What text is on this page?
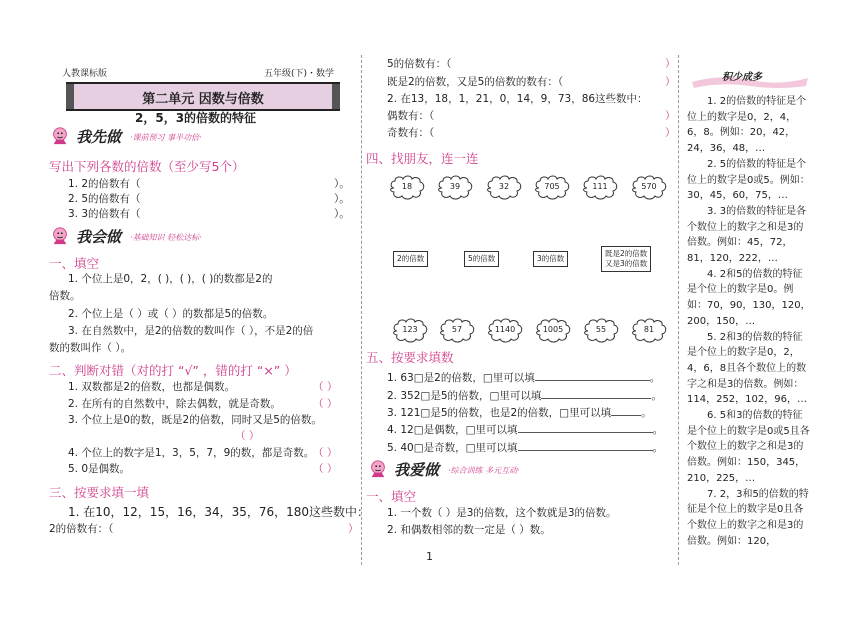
人教课标版	五年级(下)・数学
第二单元 因数与倍数
2，5，3的倍数的特征
我先做 ·课前预习 事半功倍·
写出下列各数的倍数（至少写5个）
1. 2的倍数有（	）。
2. 5的倍数有（	）。
3. 3的倍数有（	）。
我会做 ·基础知识 轻松达标·
一、填空
1. 个位上是0，2，( )，( )，( )的数都是2的
倍数。
2. 个位上是（ ）或（ ）的数都是5的倍数。
3. 在自然数中，是2的倍数的数叫作（ ），不是2的倍
数的数叫作（ ）。
二、判断对错（对的打 “√” ，错的打 “×” ）
1. 双数都是2的倍数，也都是偶数。	（ ）
2. 在所有的自然数中，除去偶数，就是奇数。	（ ）
3. 个位上是0的数，既是2的倍数，同时又是5的倍数。
（ ）
4. 个位上的数字是1，3，5，7，9的数，都是奇数。
（ ）
5. 0是偶数。	（ ）
三、按要求填一填
1. 在10，12，15，16，34，35，76，180这些数中：
2的倍数有：（	）
5的倍数有：（	）
既是2的倍数，又是5的倍数的数有：（	）
2. 在13，18，1，21，0，14，9，73，86这些数中：
偶数有：（	）
奇数有：（	）
四、找朋友，连一连
18	39	32	705	111	570
2的倍数	5的倍数	3的倍数
既是2的倍数
又是3的倍数
123	57	1140	1005	55	81
五、按要求填数
1. 63□是2的倍数，□里可以填	。
2. 352□是5的倍数，□里可以填	。
3. 121□是5的倍数，也是2的倍数，□里可以填	。
4. 12□是偶数，□里可以填	。
5. 40□是奇数，□里可以填	。
我爱做 ·综合训练 多元互动·
一、填空
1. 一个数（ ）是3的倍数，这个数就是3的倍数。
2. 和偶数相邻的数一定是（ ）数。
1
积少成多

1. 2的倍数的特征是个位上的数字是0，2，4，6，8。例如：20，42，24，36，48，…

2. 5的倍数的特征是个位上的数字是0或5。例如：30，45，60，75，…

3. 3的倍数的特征是各个数位上的数字之和是3的倍数。例如：45，72，81，120，222，…

4. 2和5的倍数的特征是个位上的数字是0。例如：70，90，130，120，200，150，…

5. 2和3的倍数的特征是个位上的数字是0，2，4，6，8且各个数位上的数字之和是3的倍数。例如：114，252，102，96，…

6. 5和3的倍数的特征是个位上的数字是0或5且各个数位上的数字之和是3的倍数。例如：150，345，210，225，…

7. 2，3和5的倍数的特征是个位上的数字是0且各个数位上的数字之和是3的倍数。例如：120，
